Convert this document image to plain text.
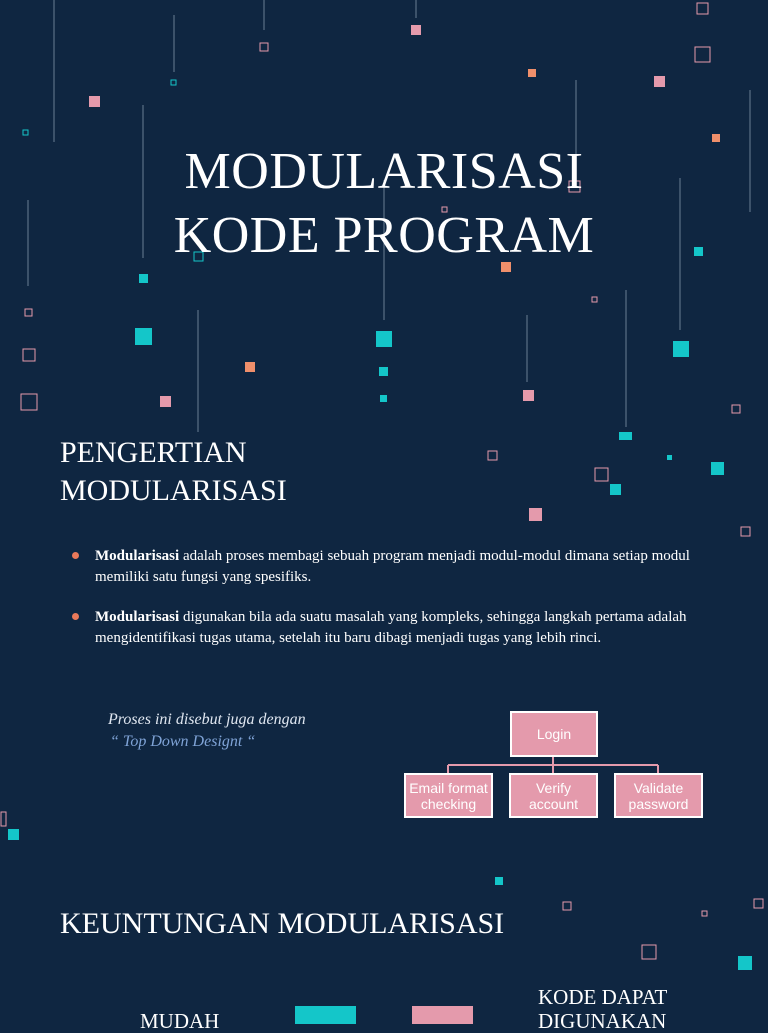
MODULARISASI
KODE PROGRAM
PENGERTIAN
MODULARISASI
Modularisasi adalah proses membagi sebuah program menjadi modul-modul dimana setiap modul memiliki satu fungsi yang spesifiks.
Modularisasi digunakan bila ada suatu masalah yang kompleks, sehingga langkah pertama adalah mengidentifikasi tugas utama, setelah itu baru dibagi menjadi tugas yang lebih rinci.
Proses ini disebut juga dengan
“ Top Down Designt “	Login
Email format checking
Verify account
Validate password
KEUNTUNGAN MODULARISASI
MUDAH
KODE DAPAT
DIGUNAKAN
